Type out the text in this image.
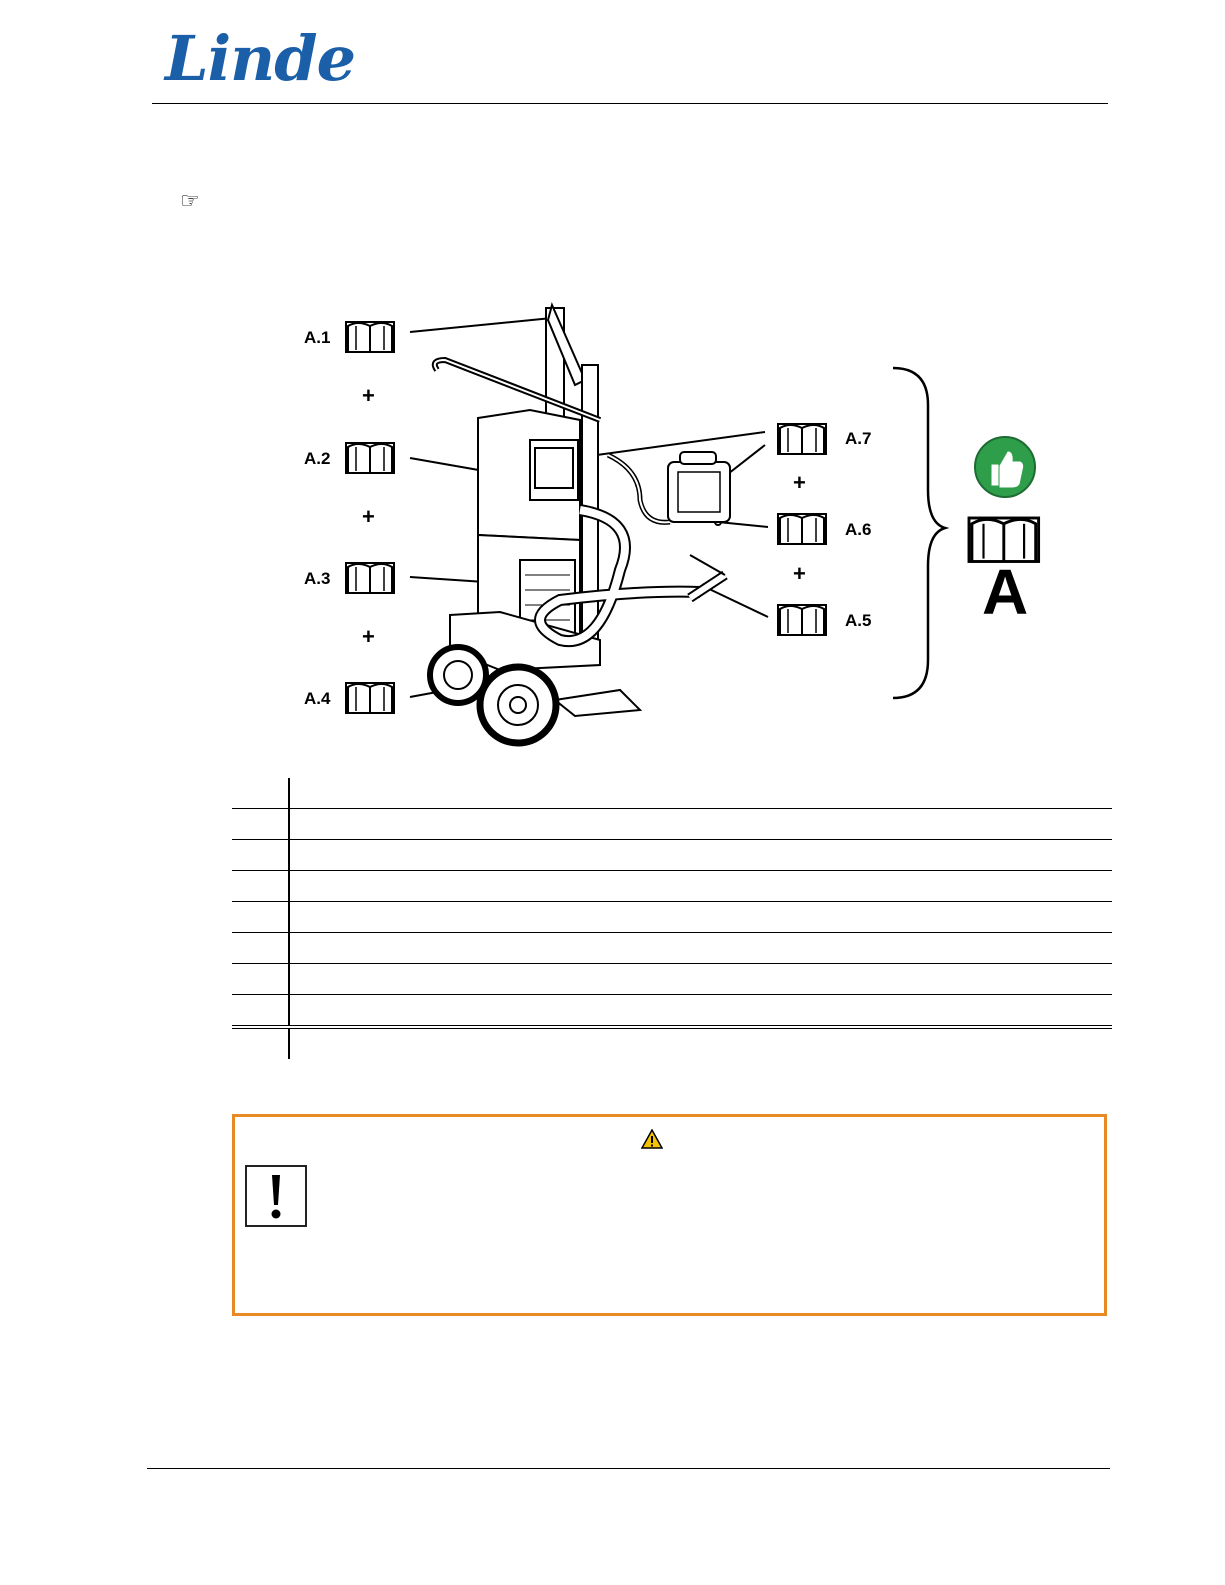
Linde
☞
A.1
A.2
A.3
A.4
A.7
A.6
A.5
+
+
+
+
+	A
